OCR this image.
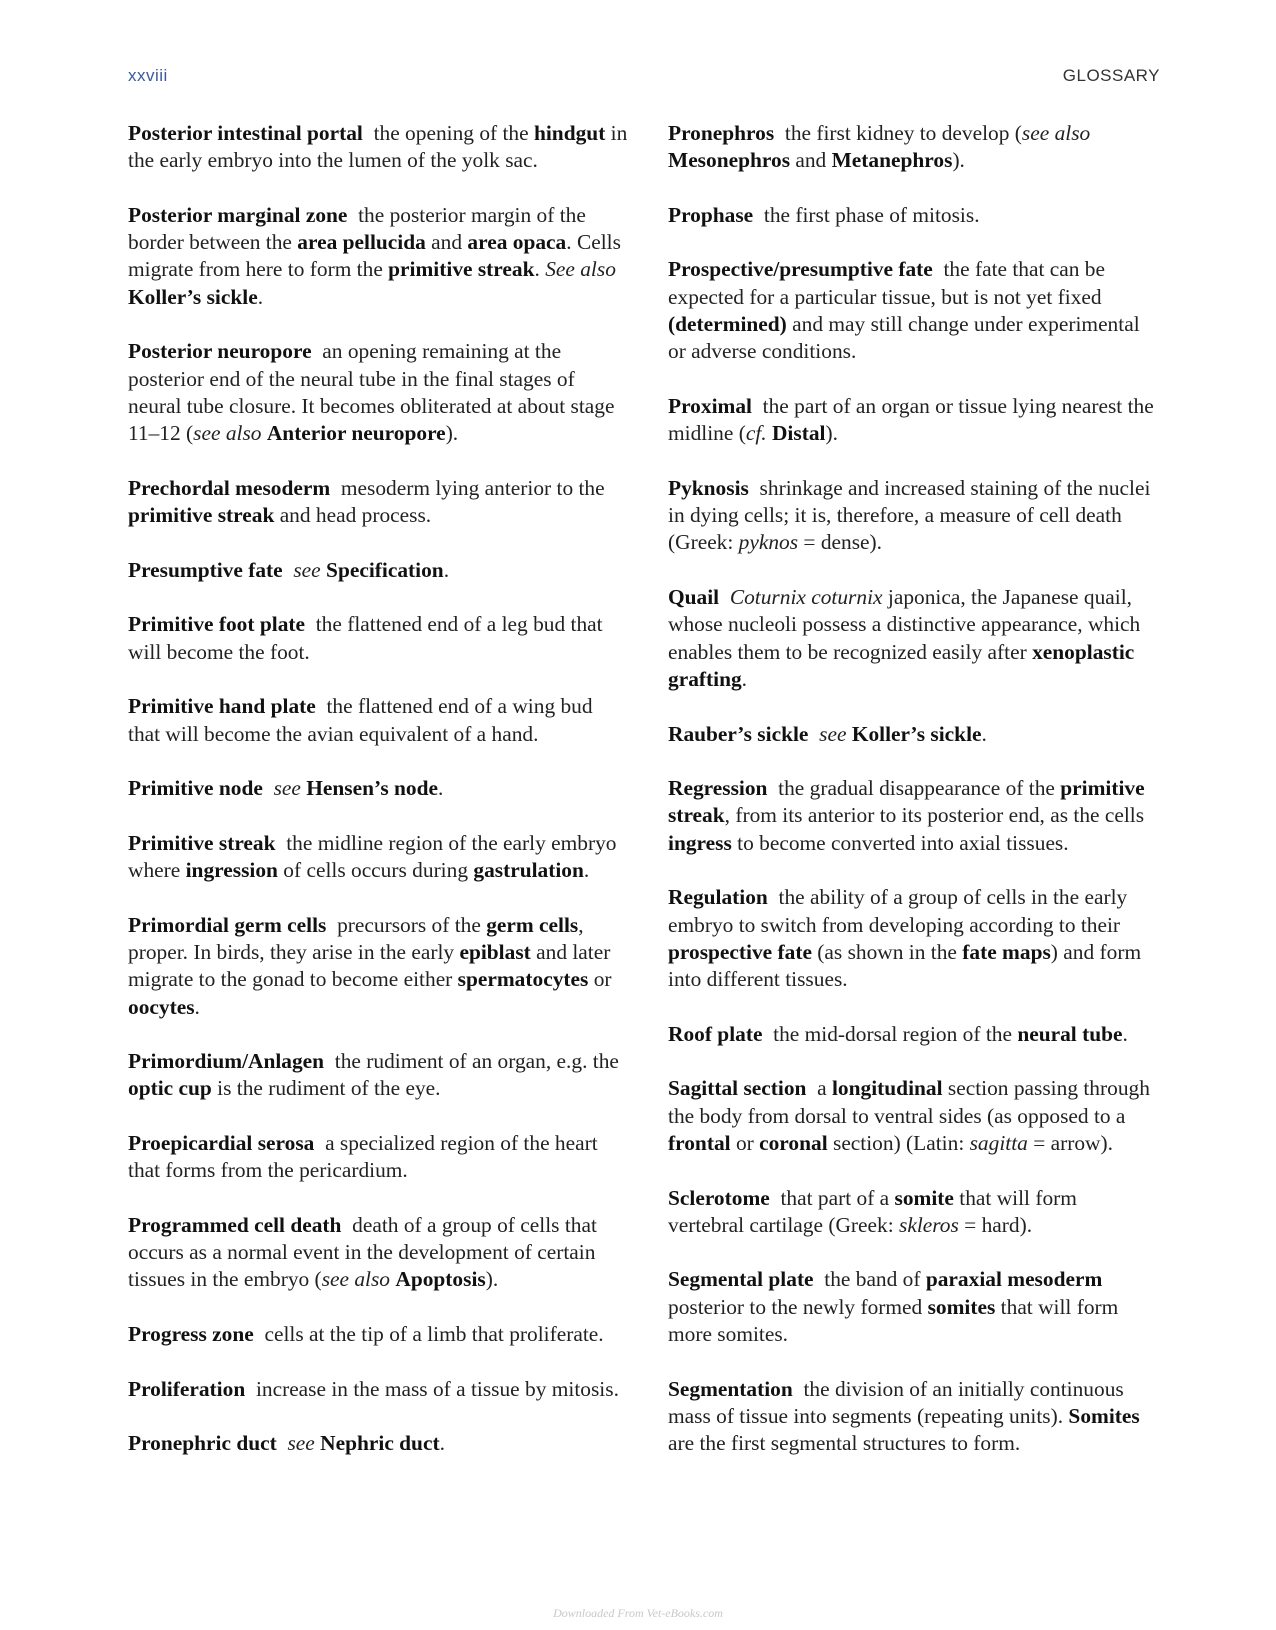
xxviii	GLOSSARY

Posterior intestinal portal  the opening of the hindgut in the early embryo into the lumen of the yolk sac.

Posterior marginal zone  the posterior margin of the border between the area pellucida and area opaca. Cells migrate from here to form the primitive streak. See also Koller’s sickle.

Posterior neuropore  an opening remaining at the posterior end of the neural tube in the final stages of neural tube closure. It becomes obliterated at about stage 11–12 (see also Anterior neuropore).

Prechordal mesoderm  mesoderm lying anterior to the primitive streak and head process.

Presumptive fate  see Specification.

Primitive foot plate  the flattened end of a leg bud that will become the foot.

Primitive hand plate  the flattened end of a wing bud that will become the avian equivalent of a hand.

Primitive node  see Hensen’s node.

Primitive streak  the midline region of the early embryo where ingression of cells occurs during gastrulation.

Primordial germ cells  precursors of the germ cells, proper. In birds, they arise in the early epiblast and later migrate to the gonad to become either spermatocytes or oocytes.

Primordium/Anlagen  the rudiment of an organ, e.g. the optic cup is the rudiment of the eye.

Proepicardial serosa  a specialized region of the heart that forms from the pericardium.

Programmed cell death  death of a group of cells that occurs as a normal event in the development of certain tissues in the embryo (see also Apoptosis).

Progress zone  cells at the tip of a limb that proliferate.

Proliferation  increase in the mass of a tissue by mitosis.

Pronephric duct  see Nephric duct.

Pronephros  the first kidney to develop (see also Mesonephros and Metanephros).

Prophase  the first phase of mitosis.

Prospective/presumptive fate  the fate that can be expected for a particular tissue, but is not yet fixed (determined) and may still change under experimental or adverse conditions.

Proximal  the part of an organ or tissue lying nearest the midline (cf. Distal).

Pyknosis  shrinkage and increased staining of the nuclei in dying cells; it is, therefore, a measure of cell death (Greek: pyknos = dense).

Quail  Coturnix coturnix japonica, the Japanese quail, whose nucleoli possess a distinctive appearance, which enables them to be recognized easily after xenoplastic grafting.

Rauber’s sickle  see Koller’s sickle.

Regression  the gradual disappearance of the primitive streak, from its anterior to its posterior end, as the cells ingress to become converted into axial tissues.

Regulation  the ability of a group of cells in the early embryo to switch from developing according to their prospective fate (as shown in the fate maps) and form into different tissues.

Roof plate  the mid-dorsal region of the neural tube.

Sagittal section  a longitudinal section passing through the body from dorsal to ventral sides (as opposed to a frontal or coronal section) (Latin: sagitta = arrow).

Sclerotome  that part of a somite that will form vertebral cartilage (Greek: skleros = hard).

Segmental plate  the band of paraxial mesoderm posterior to the newly formed somites that will form more somites.

Segmentation  the division of an initially continuous mass of tissue into segments (repeating units). Somites are the first segmental structures to form.

Downloaded From Vet-eBooks.com
